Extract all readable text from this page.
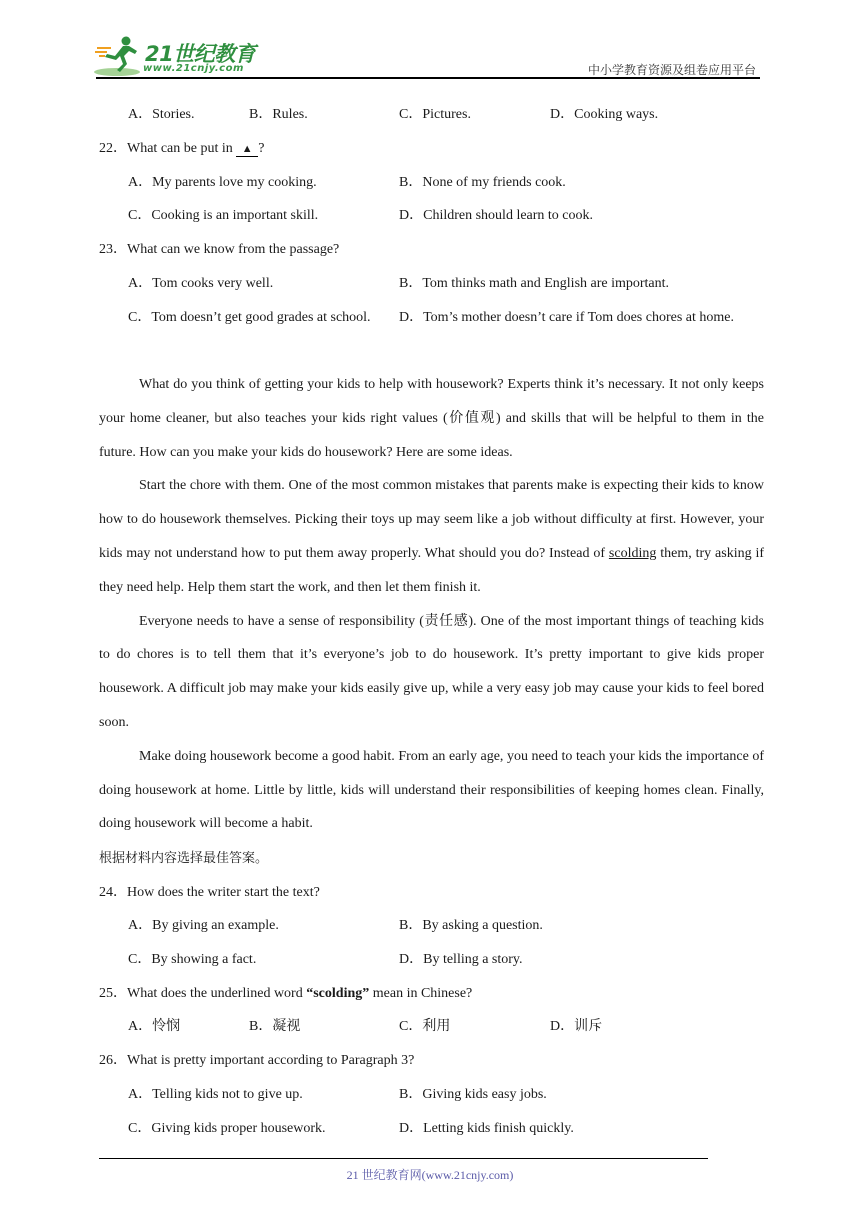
21世纪教育
www.21cnjy.com	中小学教育资源及组卷应用平台
A．Stories.	B．Rules.	C．Pictures.	D．Cooking ways.
22．What can be put in ▲ ?
A．My parents love my cooking.	B．None of my friends cook.
C．Cooking is an important skill.	D．Children should learn to cook.
23．What can we know from the passage?
A．Tom cooks very well.	B．Tom thinks math and English are important.
C．Tom doesn’t get good grades at school. D．Tom’s mother doesn’t care if Tom does chores at home.

What do you think of getting your kids to help with housework? Experts think it’s necessary. It not only keeps your home cleaner, but also teaches your kids right values (价值观) and skills that will be helpful to them in the future. How can you make your kids do housework? Here are some ideas.

Start the chore with them. One of the most common mistakes that parents make is expecting their kids to know how to do housework themselves. Picking their toys up may seem like a job without difficulty at first. However, your kids may not understand how to put them away properly. What should you do? Instead of scolding them, try asking if they need help. Help them start the work, and then let them finish it.

Everyone needs to have a sense of responsibility (责任感). One of the most important things of teaching kids to do chores is to tell them that it’s everyone’s job to do housework. It’s pretty important to give kids proper housework. A difficult job may make your kids easily give up, while a very easy job may cause your kids to feel bored soon.

Make doing housework become a good habit. From an early age, you need to teach your kids the importance of doing housework at home. Little by little, kids will understand their responsibilities of keeping homes clean. Finally, doing housework will become a habit.

根据材料内容选择最佳答案。
24．How does the writer start the text?
A．By giving an example.	B．By asking a question.
C．By showing a fact.	D．By telling a story.
25．What does the underlined word “scolding” mean in Chinese?
A．怜悯	B．凝视	C．利用	D．训斥
26．What is pretty important according to Paragraph 3?
A．Telling kids not to give up.	B．Giving kids easy jobs.
C．Giving kids proper housework.	D．Letting kids finish quickly.
21 世纪教育网(www.21cnjy.com)
